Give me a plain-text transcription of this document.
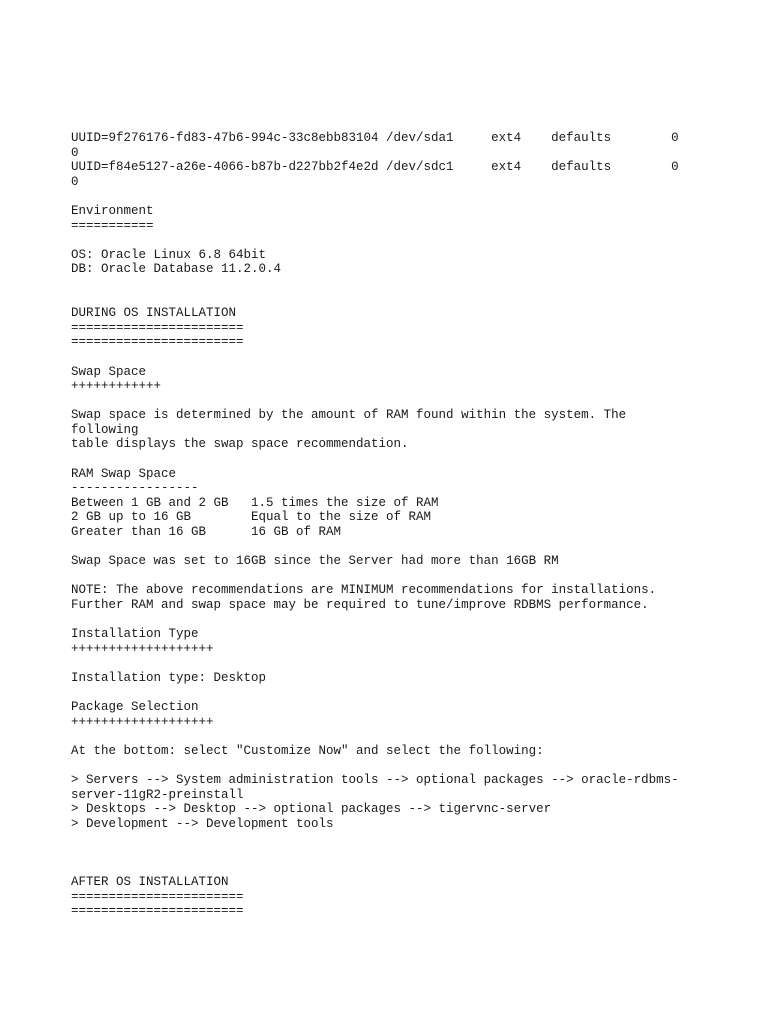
UUID=9f276176-fd83-47b6-994c-33c8ebb83104 /dev/sda1     ext4    defaults        0
0
UUID=f84e5127-a26e-4066-b87b-d227bb2f4e2d /dev/sdc1     ext4    defaults        0
0
Environment
===========
OS: Oracle Linux 6.8 64bit
DB: Oracle Database 11.2.0.4
DURING OS INSTALLATION
=======================
=======================
Swap Space
++++++++++++
Swap space is determined by the amount of RAM found within the system. The
following
table displays the swap space recommendation.
RAM Swap Space
-----------------
Between 1 GB and 2 GB   1.5 times the size of RAM
2 GB up to 16 GB        Equal to the size of RAM
Greater than 16 GB      16 GB of RAM
Swap Space was set to 16GB since the Server had more than 16GB RM
NOTE: The above recommendations are MINIMUM recommendations for installations.
Further RAM and swap space may be required to tune/improve RDBMS performance.
Installation Type
+++++++++++++++++++
Installation type: Desktop
Package Selection
+++++++++++++++++++
At the bottom: select "Customize Now" and select the following:
> Servers --> System administration tools --> optional packages --> oracle-rdbms-
server-11gR2-preinstall
> Desktops --> Desktop --> optional packages --> tigervnc-server
> Development --> Development tools
AFTER OS INSTALLATION
=======================
=======================
